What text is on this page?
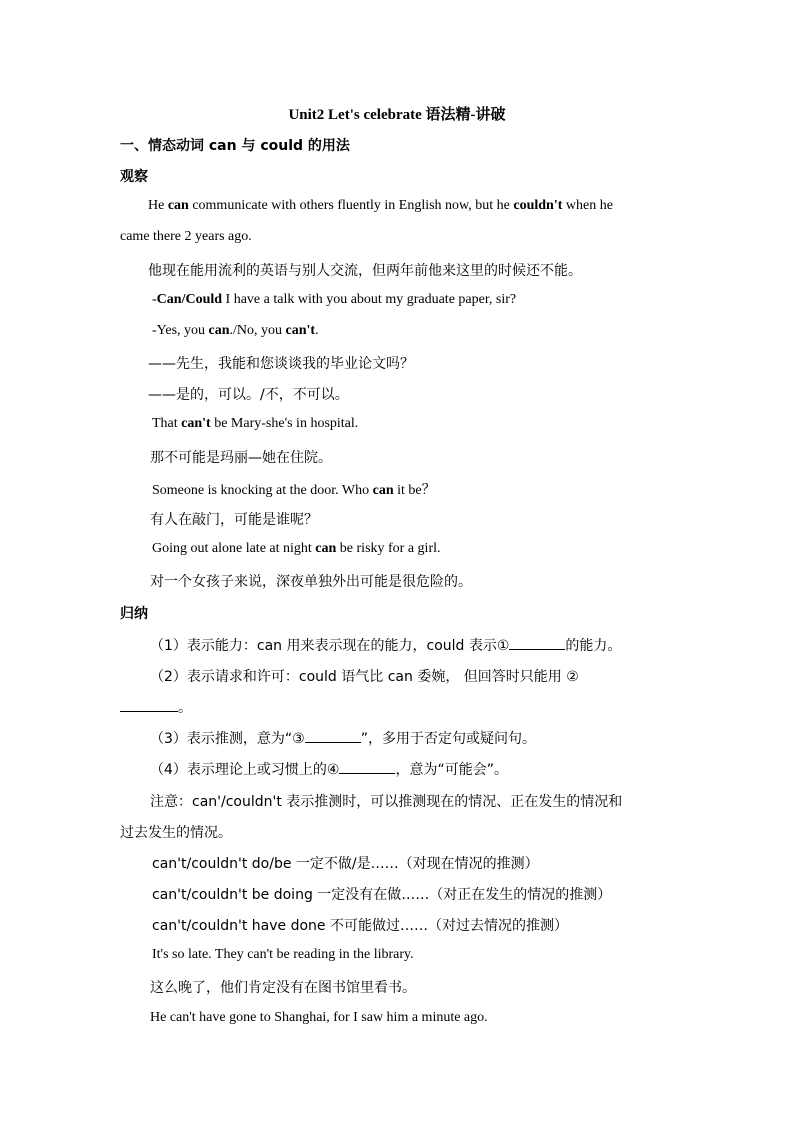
Unit2 Let's celebrate 语法精-讲破
一、情态动词 can 与 could 的用法
观察
He can communicate with others fluently in English now, but he couldn't when he
came there 2 years ago.
他现在能用流利的英语与别人交流，但两年前他来这里的时候还不能。
-Can/Could I have a talk with you about my graduate paper, sir?
-Yes, you can./No, you can't.
——先生，我能和您谈谈我的毕业论文吗？
——是的，可以。/不，不可以。
That can't be Mary-she's in hospital.
那不可能是玛丽—她在住院。
Someone is knocking at the door. Who can it be？
有人在敲门，可能是谁呢？
Going out alone late at night can be risky for a girl.
对一个女孩子来说，深夜单独外出可能是很危险的。
归纳
（1）表示能力：can 用来表示现在的能力，could 表示①	的能力。
（2）表示请求和许可：could 语气比 can 委婉， 但回答时只能用 ②
。
（3）表示推测，意为“③	”，多用于否定句或疑问句。
（4）表示理论上或习惯上的④	，意为“可能会”。
注意：can'/couldn't 表示推测时，可以推测现在的情况、正在发生的情况和
过去发生的情况。
can't/couldn't do/be 一定不做/是……（对现在情况的推测）
can't/couldn't be doing 一定没有在做……（对正在发生的情况的推测）
can't/couldn't have done 不可能做过……（对过去情况的推测）
It's so late. They can't be reading in the library.
这么晚了，他们肯定没有在图书馆里看书。
He can't have gone to Shanghai, for I saw him a minute ago.
